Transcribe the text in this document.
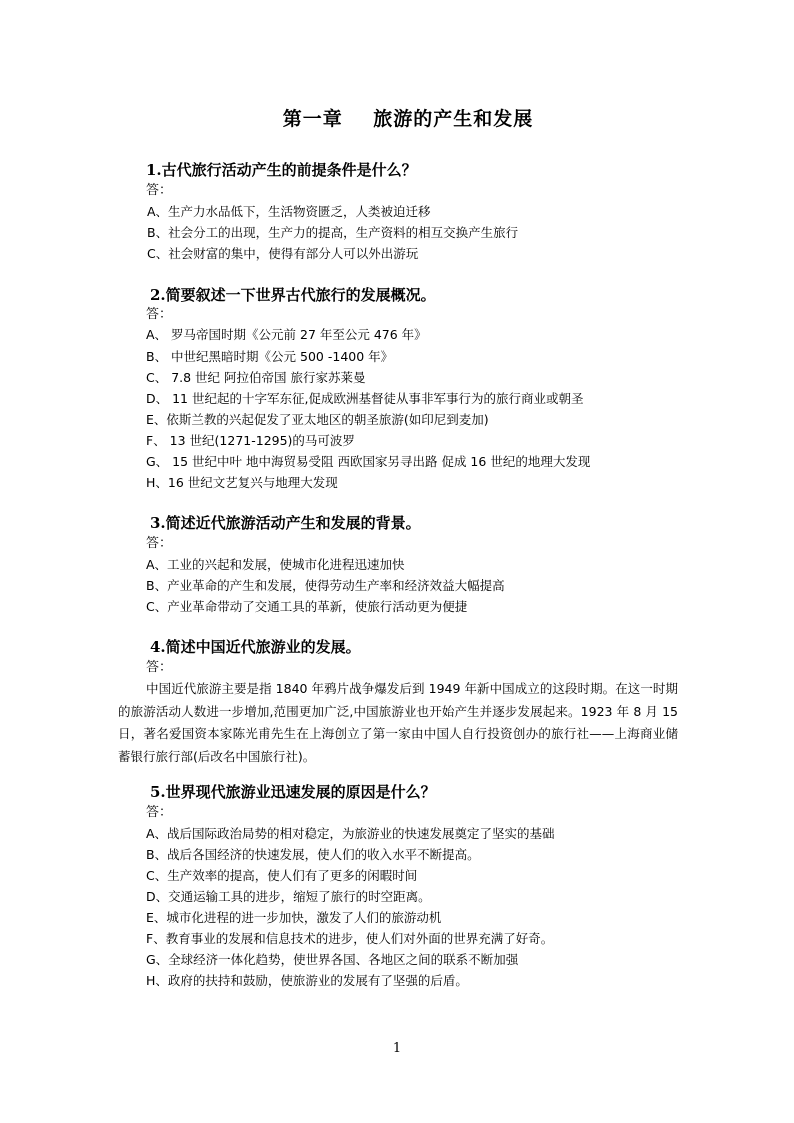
第一章    旅游的产生和发展
1.古代旅行活动产生的前提条件是什么？
答：
A、生产力水品低下，生活物资匮乏，人类被迫迁移
B、社会分工的出现，生产力的提高，生产资料的相互交换产生旅行
C、社会财富的集中，使得有部分人可以外出游玩
2.简要叙述一下世界古代旅行的发展概况。
答：
A、 罗马帝国时期《公元前 27 年至公元 476 年》
B、 中世纪黑暗时期《公元 500 -1400 年》
C、 7.8 世纪 阿拉伯帝国 旅行家苏莱曼
D、 11 世纪起的十字军东征,促成欧洲基督徒从事非军事行为的旅行商业或朝圣
E、依斯兰教的兴起促发了亚太地区的朝圣旅游(如印尼到麦加)
F、 13 世纪(1271-1295)的马可波罗
G、 15 世纪中叶 地中海贸易受阻 西欧国家另寻出路 促成 16 世纪的地理大发现
H、16 世纪文艺复兴与地理大发现
3.简述近代旅游活动产生和发展的背景。
答：
A、工业的兴起和发展，使城市化进程迅速加快
B、产业革命的产生和发展，使得劳动生产率和经济效益大幅提高
C、产业革命带动了交通工具的革新，使旅行活动更为便捷
4.简述中国近代旅游业的发展。
答：

中国近代旅游主要是指 1840 年鸦片战争爆发后到 1949 年新中国成立的这段时期。在这一时期的旅游活动人数进一步增加,范围更加广泛,中国旅游业也开始产生并逐步发展起来。1923 年 8 月 15 日，著名爱国资本家陈光甫先生在上海创立了第一家由中国人自行投资创办的旅行社——上海商业储蓄银行旅行部(后改名中国旅行社)。

5.世界现代旅游业迅速发展的原因是什么？
答：
A、战后国际政治局势的相对稳定，为旅游业的快速发展奠定了坚实的基础
B、战后各国经济的快速发展，使人们的收入水平不断提高。
C、生产效率的提高，使人们有了更多的闲暇时间
D、交通运输工具的进步，缩短了旅行的时空距离。
E、城市化进程的进一步加快，激发了人们的旅游动机
F、教育事业的发展和信息技术的进步，使人们对外面的世界充满了好奇。
G、全球经济一体化趋势，使世界各国、各地区之间的联系不断加强
H、政府的扶持和鼓励，使旅游业的发展有了坚强的后盾。
1
